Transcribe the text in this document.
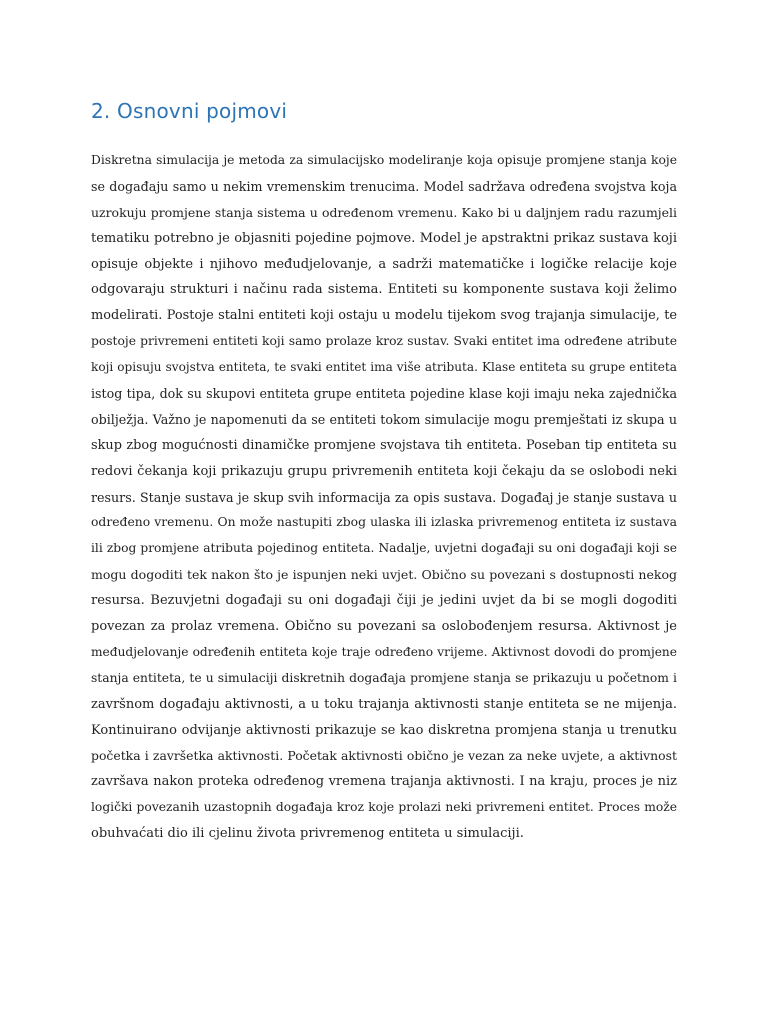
2. Osnovni pojmovi
Diskretna simulacija je metoda za simulacijsko modeliranje koja opisuje promjene stanja koje
se događaju samo u nekim vremenskim trenucima. Model sadržava određena svojstva koja
uzrokuju promjene stanja sistema u određenom vremenu. Kako bi u daljnjem radu razumjeli
tematiku potrebno je objasniti pojedine pojmove. Model je apstraktni prikaz sustava koji
opisuje objekte i njihovo međudjelovanje, a sadrži matematičke i logičke relacije koje
odgovaraju strukturi i načinu rada sistema. Entiteti su komponente sustava koji želimo
modelirati. Postoje stalni entiteti koji ostaju u modelu tijekom svog trajanja simulacije, te
postoje privremeni entiteti koji samo prolaze kroz sustav. Svaki entitet ima određene atribute
koji opisuju svojstva entiteta, te svaki entitet ima više atributa. Klase entiteta su grupe entiteta
istog tipa, dok su skupovi entiteta grupe entiteta pojedine klase koji imaju neka zajednička
obilježja. Važno je napomenuti da se entiteti tokom simulacije mogu premještati iz skupa u
skup zbog mogućnosti dinamičke promjene svojstava tih entiteta. Poseban tip entiteta su
redovi čekanja koji prikazuju grupu privremenih entiteta koji čekaju da se oslobodi neki
resurs. Stanje sustava je skup svih informacija za opis sustava. Događaj je stanje sustava u
određeno vremenu. On može nastupiti zbog ulaska ili izlaska privremenog entiteta iz sustava
ili zbog promjene atributa pojedinog entiteta. Nadalje, uvjetni događaji su oni događaji koji se
mogu dogoditi tek nakon što je ispunjen neki uvjet. Obično su povezani s dostupnosti nekog
resursa. Bezuvjetni događaji su oni događaji čiji je jedini uvjet da bi se mogli dogoditi
povezan za prolaz vremena. Obično su povezani sa oslobođenjem resursa. Aktivnost je
međudjelovanje određenih entiteta koje traje određeno vrijeme. Aktivnost dovodi do promjene
stanja entiteta, te u simulaciji diskretnih događaja promjene stanja se prikazuju u početnom i
završnom događaju aktivnosti, a u toku trajanja aktivnosti stanje entiteta se ne mijenja.
Kontinuirano odvijanje aktivnosti prikazuje se kao diskretna promjena stanja u trenutku
početka i završetka aktivnosti. Početak aktivnosti obično je vezan za neke uvjete, a aktivnost
završava nakon proteka određenog vremena trajanja aktivnosti. I na kraju, proces je niz
logički povezanih uzastopnih događaja kroz koje prolazi neki privremeni entitet. Proces može
obuhvaćati dio ili cjelinu života privremenog entiteta u simulaciji.
